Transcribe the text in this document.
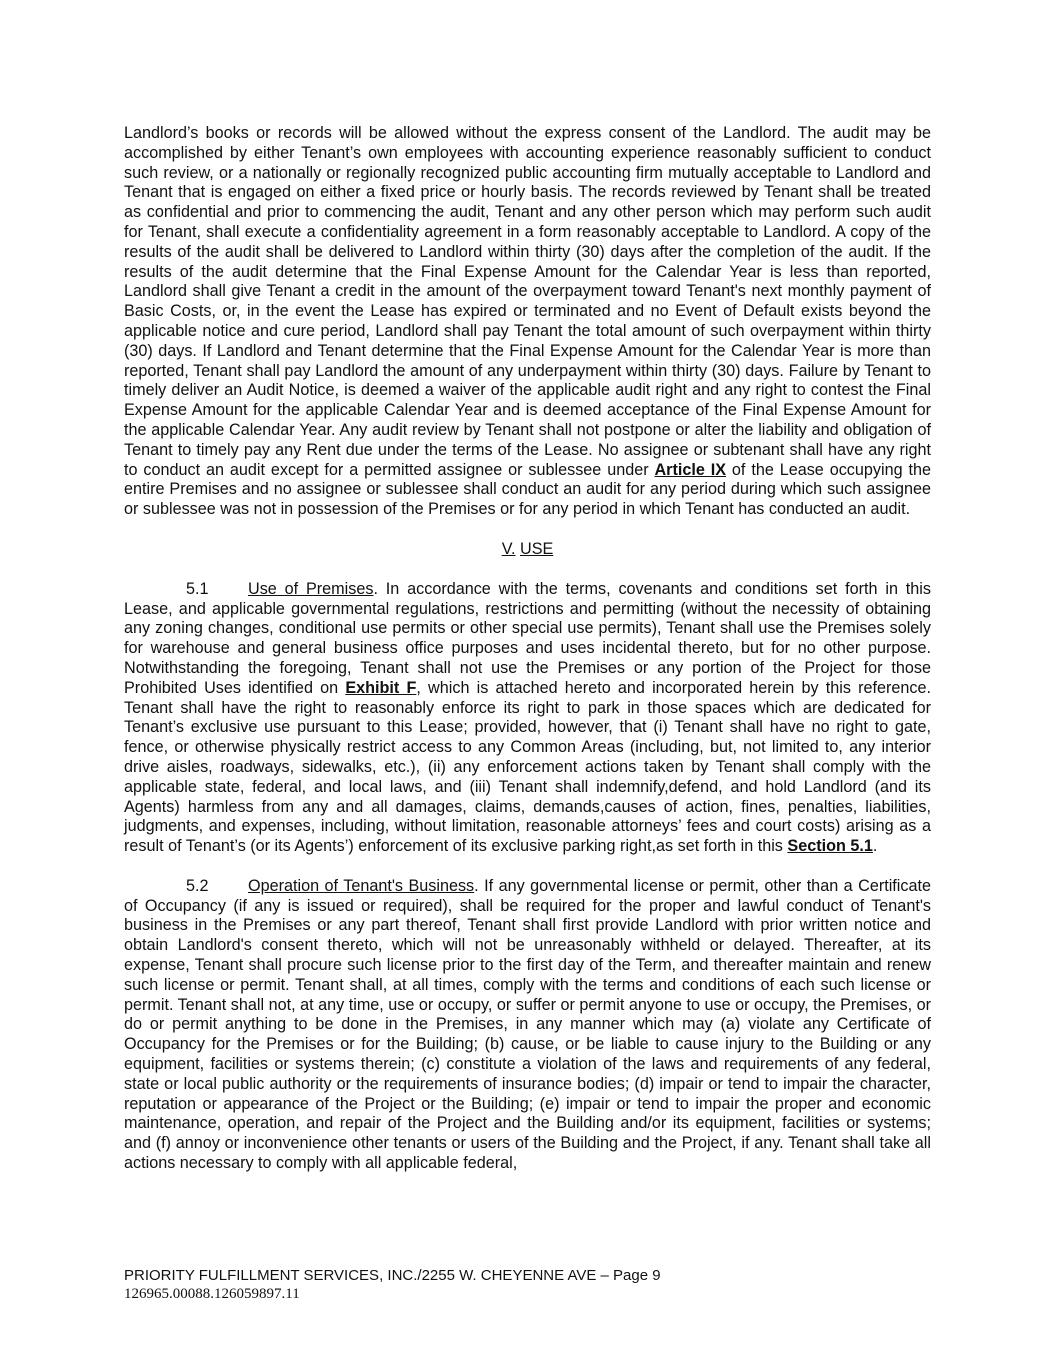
Landlord’s books or records will be allowed without the express consent of the Landlord. The audit may be accomplished by either Tenant’s own employees with accounting experience reasonably sufficient to conduct such review, or a nationally or regionally recognized public accounting firm mutually acceptable to Landlord and Tenant that is engaged on either a fixed price or hourly basis. The records reviewed by Tenant shall be treated as confidential and prior to commencing the audit, Tenant and any other person which may perform such audit for Tenant, shall execute a confidentiality agreement in a form reasonably acceptable to Landlord. A copy of the results of the audit shall be delivered to Landlord within thirty (30) days after the completion of the audit. If the results of the audit determine that the Final Expense Amount for the Calendar Year is less than reported, Landlord shall give Tenant a credit in the amount of the overpayment toward Tenant's next monthly payment of Basic Costs, or, in the event the Lease has expired or terminated and no Event of Default exists beyond the applicable notice and cure period, Landlord shall pay Tenant the total amount of such overpayment within thirty (30) days. If Landlord and Tenant determine that the Final Expense Amount for the Calendar Year is more than reported, Tenant shall pay Landlord the amount of any underpayment within thirty (30) days. Failure by Tenant to timely deliver an Audit Notice, is deemed a waiver of the applicable audit right and any right to contest the Final Expense Amount for the applicable Calendar Year and is deemed acceptance of the Final Expense Amount for the applicable Calendar Year. Any audit review by Tenant shall not postpone or alter the liability and obligation of Tenant to timely pay any Rent due under the terms of the Lease. No assignee or subtenant shall have any right to conduct an audit except for a permitted assignee or sublessee under Article IX of the Lease occupying the entire Premises and no assignee or sublessee shall conduct an audit for any period during which such assignee or sublessee was not in possession of the Premises or for any period in which Tenant has conducted an audit.

V. USE

5.1 Use of Premises. In accordance with the terms, covenants and conditions set forth in this Lease, and applicable governmental regulations, restrictions and permitting (without the necessity of obtaining any zoning changes, conditional use permits or other special use permits), Tenant shall use the Premises solely for warehouse and general business office purposes and uses incidental thereto, but for no other purpose. Notwithstanding the foregoing, Tenant shall not use the Premises or any portion of the Project for those Prohibited Uses identified on Exhibit F, which is attached hereto and incorporated herein by this reference. Tenant shall have the right to reasonably enforce its right to park in those spaces which are dedicated for Tenant’s exclusive use pursuant to this Lease; provided, however, that (i) Tenant shall have no right to gate, fence, or otherwise physically restrict access to any Common Areas (including, but, not limited to, any interior drive aisles, roadways, sidewalks, etc.), (ii) any enforcement actions taken by Tenant shall comply with the applicable state, federal, and local laws, and (iii) Tenant shall indemnify,defend, and hold Landlord (and its Agents) harmless from any and all damages, claims, demands,causes of action, fines, penalties, liabilities, judgments, and expenses, including, without limitation, reasonable attorneys’ fees and court costs) arising as a result of Tenant’s (or its Agents’) enforcement of its exclusive parking right,as set forth in this Section 5.1.

5.2 Operation of Tenant's Business. If any governmental license or permit, other than a Certificate of Occupancy (if any is issued or required), shall be required for the proper and lawful conduct of Tenant's business in the Premises or any part thereof, Tenant shall first provide Landlord with prior written notice and obtain Landlord's consent thereto, which will not be unreasonably withheld or delayed. Thereafter, at its expense, Tenant shall procure such license prior to the first day of the Term, and thereafter maintain and renew such license or permit. Tenant shall, at all times, comply with the terms and conditions of each such license or permit. Tenant shall not, at any time, use or occupy, or suffer or permit anyone to use or occupy, the Premises, or do or permit anything to be done in the Premises, in any manner which may (a) violate any Certificate of Occupancy for the Premises or for the Building; (b) cause, or be liable to cause injury to the Building or any equipment, facilities or systems therein; (c) constitute a violation of the laws and requirements of any federal, state or local public authority or the requirements of insurance bodies; (d) impair or tend to impair the character, reputation or appearance of the Project or the Building; (e) impair or tend to impair the proper and economic maintenance, operation, and repair of the Project and the Building and/or its equipment, facilities or systems; and (f) annoy or inconvenience other tenants or users of the Building and the Project, if any. Tenant shall take all actions necessary to comply with all applicable federal,

PRIORITY FULFILLMENT SERVICES, INC./2255 W. CHEYENNE AVE – Page 9
126965.00088.126059897.11
